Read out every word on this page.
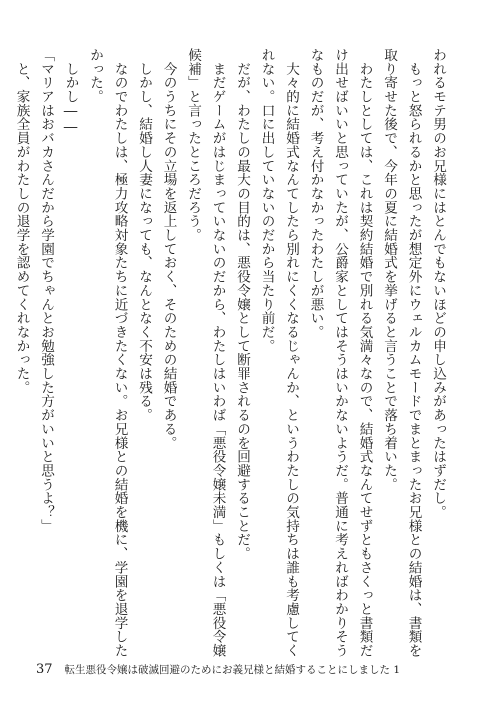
われるモテ男のお兄様にはとんでもないほどの申し込みがあったはずだし。
　もっと怒られるかと思ったが想定外にウェルカムモードでまとまったお兄様との結婚は、書類を
取り寄せた後で、今年の夏に結婚式を挙げると言うことで落ち着いた。
　わたしとしては、これは契約結婚で別れる気満々なので、結婚式なんてせずともさくっと書類だ
け出せばいいと思っていたが、公爵家としてはそうはいかないようだ。普通に考えればわかりそう
なものだが、考え付かなかったわたしが悪い。
　大々的に結婚式なんてしたら別れにくくなるじゃんか、というわたしの気持ちは誰も考慮してく
れない。口に出していないのだから当たり前だ。
　だが、わたしの最大の目的は、悪役令嬢として断罪されるのを回避することだ。
　まだゲームがはじまっていないのだから、わたしはいわば「悪役令嬢未満」もしくは「悪役令嬢
候補」と言ったところだろう。
　今のうちにその立場を返上しておく、そのための結婚である。
　しかし、結婚し人妻になっても、なんとなく不安は残る。
　なのでわたしは、極力攻略対象たちに近づきたくない。お兄様との結婚を機に、学園を退学した
かった。
　しかし――
「マリアはおバカさんだから学園でちゃんとお勉強した方がいいと思うよ？」
　と、家族全員がわたしの退学を認めてくれなかった。
37 転生悪役令嬢は破滅回避のためにお義兄様と結婚することにしました 1
